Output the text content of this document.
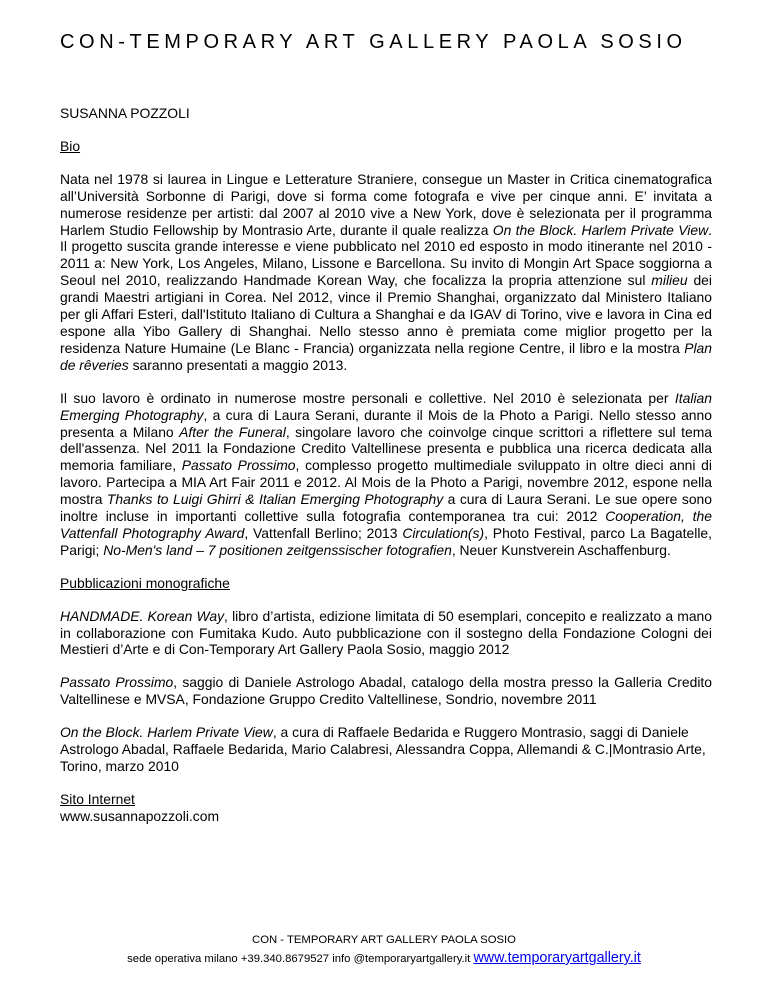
CON-TEMPORARY ART GALLERY PAOLA SOSIO

SUSANNA POZZOLI

Bio

Nata nel 1978 si laurea in Lingue e Letterature Straniere, consegue un Master in Critica cinematografica all’Università Sorbonne di Parigi, dove si forma come fotografa e vive per cinque anni. E’ invitata a numerose residenze per artisti: dal 2007 al 2010 vive a New York, dove è selezionata per il programma Harlem Studio Fellowship by Montrasio Arte, durante il quale realizza On the Block. Harlem Private View. Il progetto suscita grande interesse e viene pubblicato nel 2010 ed esposto in modo itinerante nel 2010 - 2011 a: New York, Los Angeles, Milano, Lissone e Barcellona. Su invito di Mongin Art Space soggiorna a Seoul nel 2010, realizzando Handmade Korean Way, che focalizza la propria attenzione sul milieu dei grandi Maestri artigiani in Corea. Nel 2012, vince il Premio Shanghai, organizzato dal Ministero Italiano per gli Affari Esteri, dall'Istituto Italiano di Cultura a Shanghai e da IGAV di Torino, vive e lavora in Cina ed espone alla Yibo Gallery di Shanghai. Nello stesso anno è premiata come miglior progetto per la residenza Nature Humaine (Le Blanc - Francia) organizzata nella regione Centre, il libro e la mostra Plan de rêveries saranno presentati a maggio 2013.

Il suo lavoro è ordinato in numerose mostre personali e collettive. Nel 2010 è selezionata per Italian Emerging Photography, a cura di Laura Serani, durante il Mois de la Photo a Parigi. Nello stesso anno presenta a Milano After the Funeral, singolare lavoro che coinvolge cinque scrittori a riflettere sul tema dell'assenza. Nel 2011 la Fondazione Credito Valtellinese presenta e pubblica una ricerca dedicata alla memoria familiare, Passato Prossimo, complesso progetto multimediale sviluppato in oltre dieci anni di lavoro. Partecipa a MIA Art Fair 2011 e 2012. Al Mois de la Photo a Parigi, novembre 2012, espone nella mostra Thanks to Luigi Ghirri & Italian Emerging Photography a cura di Laura Serani. Le sue opere sono inoltre incluse in importanti collettive sulla fotografia contemporanea tra cui: 2012 Cooperation, the Vattenfall Photography Award, Vattenfall Berlino; 2013 Circulation(s), Photo Festival, parco La Bagatelle, Parigi; No-Men's land – 7 positionen zeitgenssischer fotografien, Neuer Kunstverein Aschaffenburg.

Pubblicazioni monografiche

HANDMADE. Korean Way, libro d’artista, edizione limitata di 50 esemplari, concepito e realizzato a mano in collaborazione con Fumitaka Kudo. Auto pubblicazione con il sostegno della Fondazione Cologni dei Mestieri d’Arte e di Con-Temporary Art Gallery Paola Sosio, maggio 2012

Passato Prossimo, saggio di Daniele Astrologo Abadal, catalogo della mostra presso la Galleria Credito Valtellinese e MVSA, Fondazione Gruppo Credito Valtellinese, Sondrio, novembre 2011

On the Block. Harlem Private View, a cura di Raffaele Bedarida e Ruggero Montrasio, saggi di Daniele Astrologo Abadal, Raffaele Bedarida, Mario Calabresi, Alessandra Coppa, Allemandi & C.|Montrasio Arte, Torino, marzo 2010

Sito Internet

www.susannapozzoli.com

CON - TEMPORARY ART GALLERY PAOLA SOSIO
sede operativa milano +39.340.8679527 info @temporaryartgallery.it www.temporaryartgallery.it
